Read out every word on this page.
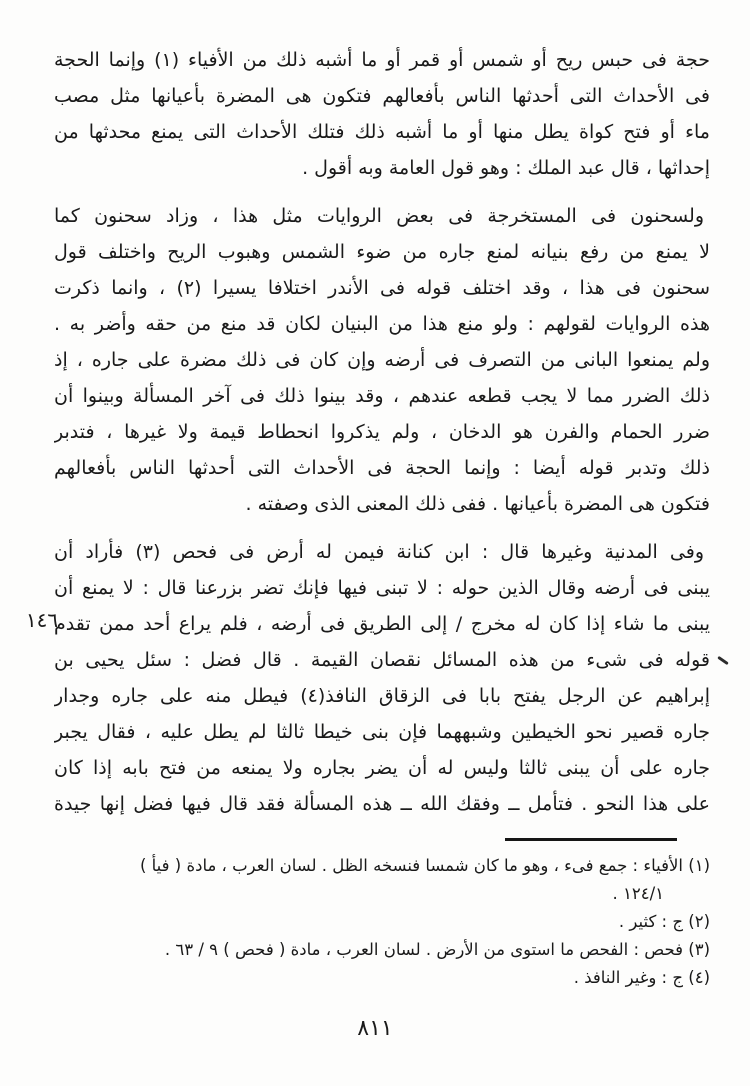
١٤٦
حجة فى حبس ريح أو شمس أو قمر أو ما أشبه ذلك من الأفياء (١) وإنما الحجة
فى الأحداث التى أحدثها الناس بأفعالهم فتكون هى المضرة بأعيانها مثل مصب
ماء أو فتح كواة يطل منها أو ما أشبه ذلك فتلك الأحداث التى يمنع محدثها من
إحداثها ، قال عبد الملك : وهو قول العامة وبه أقول .
ولسحنون فى المستخرجة فى بعض الروايات مثل هذا ، وزاد سحنون كما
لا يمنع من رفع بنيانه لمنع جاره من ضوء الشمس وهبوب الريح واختلف قول
سحنون فى هذا ، وقد اختلف قوله فى الأندر اختلافا يسيرا (٢) ، وانما ذكرت
هذه الروايات لقولهم : ولو منع هذا من البنيان لكان قد منع من حقه وأضر به .
ولم يمنعوا البانى من التصرف فى أرضه وإن كان فى ذلك مضرة على جاره ، إذ
ذلك الضرر مما لا يجب قطعه عندهم ، وقد بينوا ذلك فى آخر المسألة وبينوا أن
ضرر الحمام والفرن هو الدخان ، ولم يذكروا انحطاط قيمة ولا غيرها ، فتدبر
ذلك وتدبر قوله أيضا : وإنما الحجة فى الأحداث التى أحدثها الناس بأفعالهم
فتكون هى المضرة بأعيانها . ففى ذلك المعنى الذى وصفته .
وفى المدنية وغيرها قال : ابن كنانة فيمن له أرض فى فحص (٣) فأراد أن
يبنى فى أرضه وقال الذين حوله : لا تبنى فيها فإنك تضر بزرعنا قال : لا يمنع أن
يبنى ما شاء إذا كان له مخرج / إلى الطريق فى أرضه ، فلم يراع أحد ممن تقدم
قوله فى شىء من هذه المسائل نقصان القيمة . قال فضل : سئل يحيى بن
إبراهيم عن الرجل يفتح بابا فى الزقاق النافذ(٤) فيطل منه على جاره وجدار
جاره قصير نحو الخيطين وشبههما فإن بنى خيطا ثالثا لم يطل عليه ، فقال يجبر
جاره على أن يبنى ثالثا وليس له أن يضر بجاره ولا يمنعه من فتح بابه إذا كان
على هذا النحو . فتأمل ــ وفقك الله ــ هذه المسألة فقد قال فيها فضل إنها جيدة
(١) الأفياء : جمع فىء ، وهو ما كان شمسا فنسخه الظل . لسان العرب ، مادة ( فيأ )
١٢٤/١ .
(٢) ج : كثير .
(٣) فحص : الفحص ما استوى من الأرض . لسان العرب ، مادة ( فحص ) ٩ / ٦٣ .
(٤) ج : وغير النافذ .
٨١١
